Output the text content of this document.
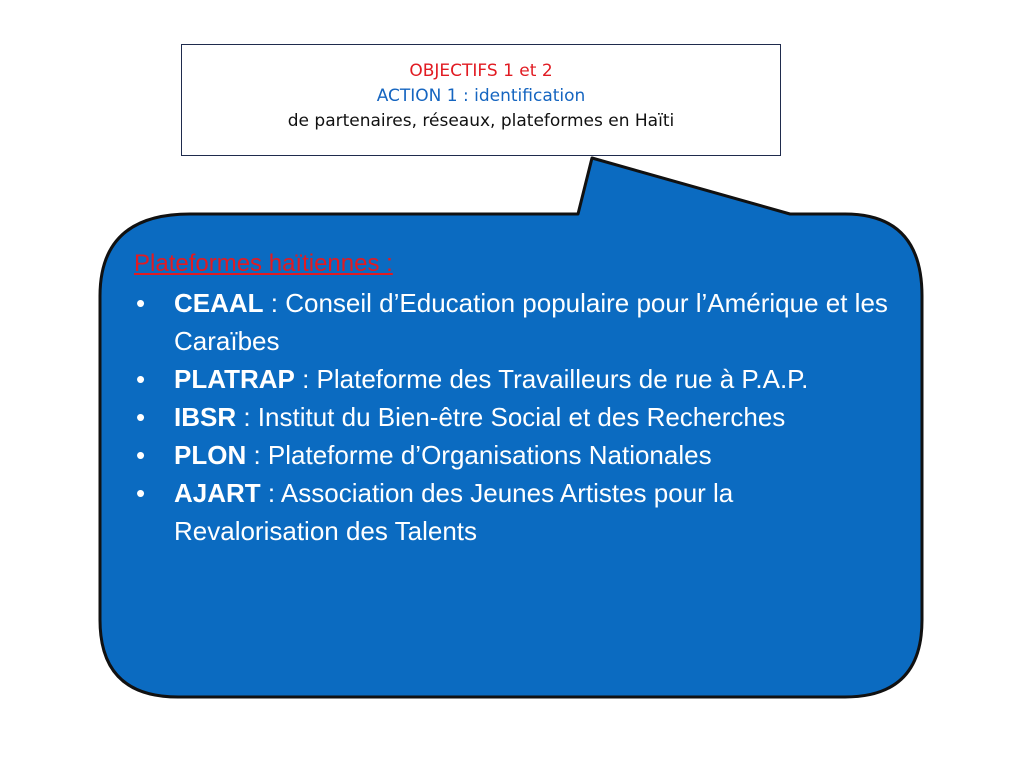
OBJECTIFS 1 et 2
ACTION 1 : identification
de partenaires, réseaux, plateformes en Haïti
Plateformes haïtiennes :
• CEAAL : Conseil d’Education populaire pour l’Amérique et les Caraïbes
• PLATRAP : Plateforme des Travailleurs de rue à P.A.P.
• IBSR : Institut du Bien-être Social et des Recherches
• PLON : Plateforme d’Organisations Nationales
• AJART : Association des Jeunes Artistes pour la Revalorisation des Talents
